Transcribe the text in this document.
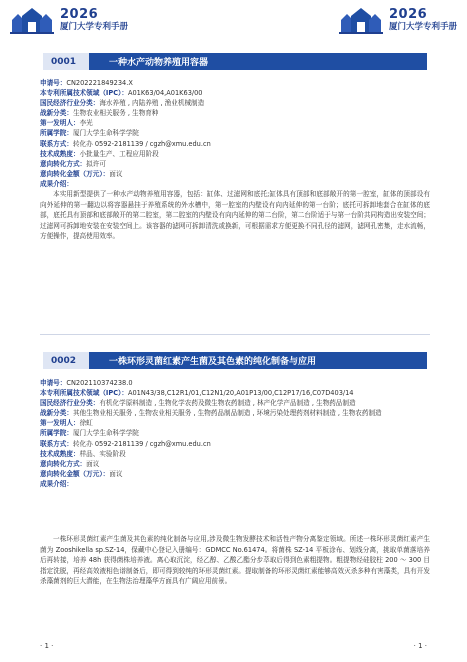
2026
厦门大学专利手册
2026
厦门大学专利手册
0001	一种水产动物养殖用容器
申请号：CN202221849234.X
本专利所属技术领域（IPC）：A01K63/04,A01K63/00
国民经济行业分类：海水养殖 , 内陆养殖 , 渔业机械制造
战新分类：生物农业相关服务 , 生物育种
第一发明人：李光
所属学院：厦门大学生命科学学院
联系方式：转化办 0592-2181139 / cgzh@xmu.edu.cn
技术成熟度：小批量生产、工程应用阶段
意向转化方式：拟许可
意向转化金额（万元）：面议
成果介绍：
本实用新型提供了一种水产动物养殖用容器，包括：缸体、过滤网和底托;缸体具有顶部和底部敞开的第一腔室，缸体的顶部设有向外延伸的第一翻边以将容器悬挂于养殖系统的外水槽中，第一腔室的内壁设有向内延伸的第一台阶；底托可拆卸地套合在缸体的底部，底托具有顶部和底部敞开的第二腔室，第二腔室的内壁设有向内延伸的第二台阶，第二台阶适于与第一台阶共同构造出安装空间；过滤网可拆卸地安装在安装空间上。该容器的滤网可拆卸清洗或换新，可根据需求方便更换不同孔径的滤网，滤网孔密集，走水流畅，方便操作，提高使用效率。
0002	一株环形灵菌红素产生菌及其色素的纯化制备与应用
申请号：CN202110374238.0
本专利所属技术领域（IPC）：A01N43/38,C12R1/01,C12N1/20,A01P13/00,C12P17/16,C07D403/14
国民经济行业分类：有机化学原料制造 , 生物化学农药及微生物农药制造 , 林产化学产品制造 , 生物药品制造
战新分类：其他生物业相关服务 , 生物农业相关服务 , 生物药品制品制造 , 环境污染处理药剂材料制造 , 生物农药制造
第一发明人：徐虹
所属学院：厦门大学生命科学学院
联系方式：转化办 0592-2181139 / cgzh@xmu.edu.cn
技术成熟度：样品、实验阶段
意向转化方式：面议
意向转化金额（万元）：面议
成果介绍：
一株环形灵菌红素产生菌及其色素的纯化制备与应用,涉及微生物发酵技术和活性产物分离鉴定领域。所述一株环形灵菌红素产生菌为 Zooshikella sp.SZ-14，保藏中心登记入册编号：GDMCC No.61474。将菌株 SZ-14 平板涂布、划线分离，挑取单菌落培养后再转接，培养 48h 获得菌株培养液。离心取沉淀，经乙醇、乙酸乙酯分步萃取后得到色素粗提物。粗提物经硅胶柱 200 ～ 300 目指定洗脱，再经高效液相色谱制备后，即可得到较纯的环形灵菌红素。提取制备的环形灵菌红素能够高效灭杀多种有害藻类，具有开发杀藻菌剂的巨大潜能，在生物法治理藻华方面具有广阔应用前景。
· 1 ·	· 1 ·
